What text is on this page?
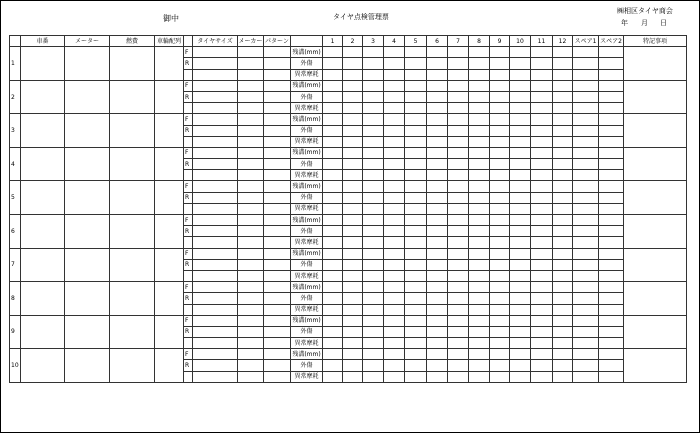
御中	タイヤ点検管理票
㈱相区タイヤ商会
年 月 日
	車番	メーター	燃費	車輪配列		タイヤサイズ	メーカー	パターン		1	2	3	4	5	6	7	8	9	10	11	12	スペア1	スペア2	特記事項
1					F				残溝(mm)															
					R				外傷															
									異常摩耗															
2					F				残溝(mm)															
					R				外傷															
									異常摩耗															
3					F				残溝(mm)															
					R				外傷															
									異常摩耗															
4					F				残溝(mm)															
					R				外傷															
									異常摩耗															
5					F				残溝(mm)															
					R				外傷															
									異常摩耗															
6					F				残溝(mm)															
					R				外傷															
									異常摩耗															
7					F				残溝(mm)															
					R				外傷															
									異常摩耗															
8					F				残溝(mm)															
					R				外傷															
									異常摩耗															
9					F				残溝(mm)															
					R				外傷															
									異常摩耗															
10					F				残溝(mm)															
					R				外傷															
									異常摩耗															
